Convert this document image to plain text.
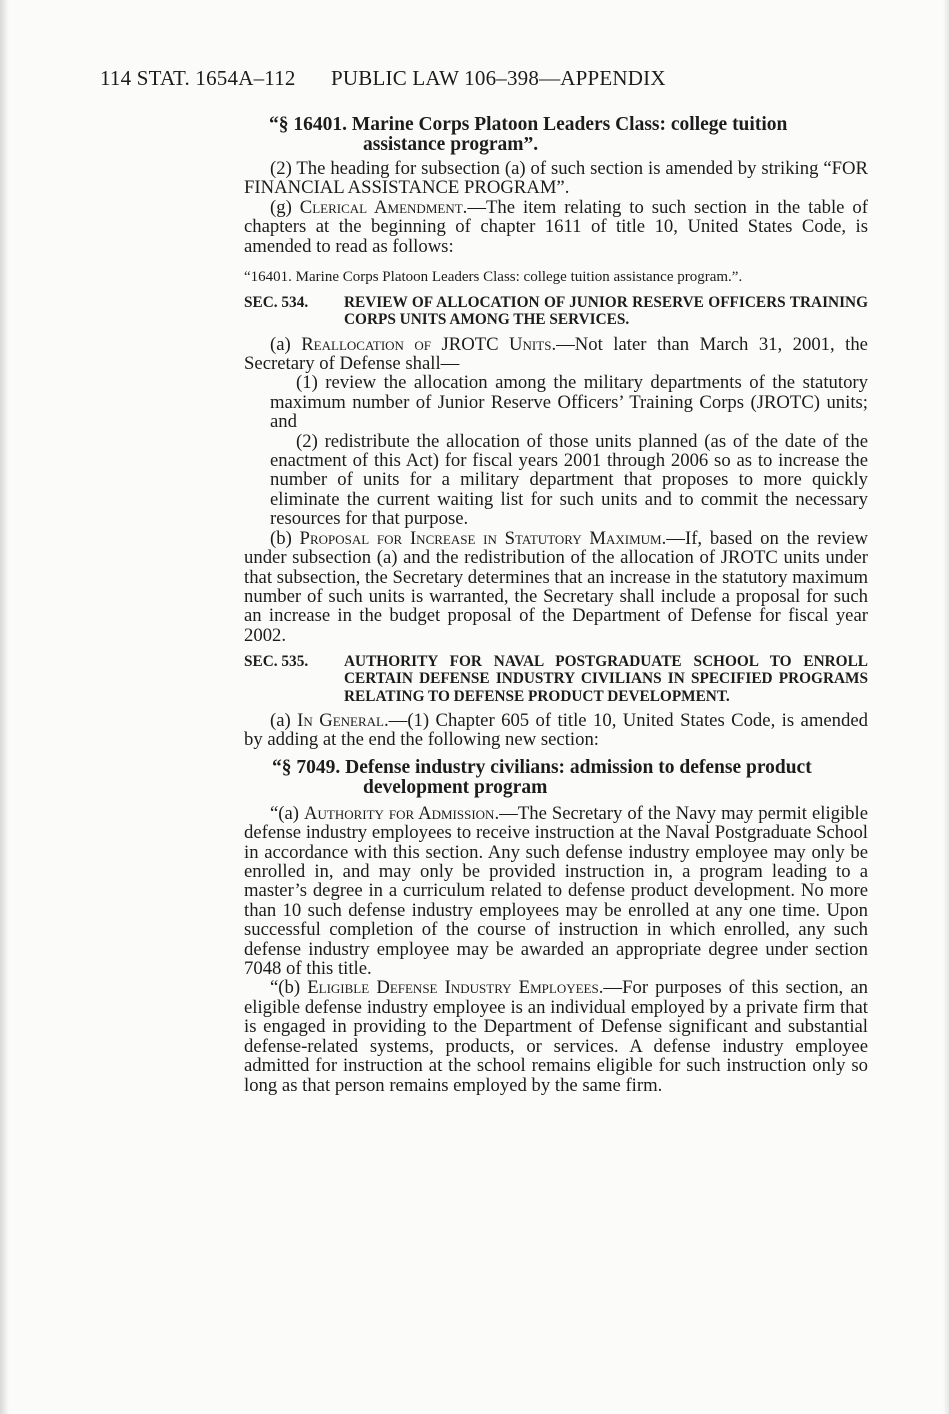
114 STAT. 1654A–112 PUBLIC LAW 106–398—APPENDIX

“§ 16401. Marine Corps Platoon Leaders Class: college tuition assistance program”.

(2) The heading for subsection (a) of such section is amended by striking “FOR FINANCIAL ASSISTANCE PROGRAM”.

(g) Clerical Amendment.—The item relating to such section in the table of chapters at the beginning of chapter 1611 of title 10, United States Code, is amended to read as follows:

“16401. Marine Corps Platoon Leaders Class: college tuition assistance program.”.

SEC. 534.	REVIEW OF ALLOCATION OF JUNIOR RESERVE OFFICERS TRAINING CORPS UNITS AMONG THE SERVICES.

(a) Reallocation of JROTC Units.—Not later than March 31, 2001, the Secretary of Defense shall—

(1) review the allocation among the military departments of the statutory maximum number of Junior Reserve Officers’ Training Corps (JROTC) units; and

(2) redistribute the allocation of those units planned (as of the date of the enactment of this Act) for fiscal years 2001 through 2006 so as to increase the number of units for a military department that proposes to more quickly eliminate the current waiting list for such units and to commit the necessary resources for that purpose.

(b) Proposal for Increase in Statutory Maximum.—If, based on the review under subsection (a) and the redistribution of the allocation of JROTC units under that subsection, the Secretary determines that an increase in the statutory maximum number of such units is warranted, the Secretary shall include a proposal for such an increase in the budget proposal of the Department of Defense for fiscal year 2002.

SEC. 535.	AUTHORITY FOR NAVAL POSTGRADUATE SCHOOL TO ENROLL CERTAIN DEFENSE INDUSTRY CIVILIANS IN SPECIFIED PROGRAMS RELATING TO DEFENSE PRODUCT DEVELOPMENT.

(a) In General.—(1) Chapter 605 of title 10, United States Code, is amended by adding at the end the following new section:

“§ 7049. Defense industry civilians: admission to defense product development program

“(a) Authority for Admission.—The Secretary of the Navy may permit eligible defense industry employees to receive instruction at the Naval Postgraduate School in accordance with this section. Any such defense industry employee may only be enrolled in, and may only be provided instruction in, a program leading to a master’s degree in a curriculum related to defense product development. No more than 10 such defense industry employees may be enrolled at any one time. Upon successful completion of the course of instruction in which enrolled, any such defense industry employee may be awarded an appropriate degree under section 7048 of this title.

“(b) Eligible Defense Industry Employees.—For purposes of this section, an eligible defense industry employee is an individual employed by a private firm that is engaged in providing to the Department of Defense significant and substantial defense-related systems, products, or services. A defense industry employee admitted for instruction at the school remains eligible for such instruction only so long as that person remains employed by the same firm.
